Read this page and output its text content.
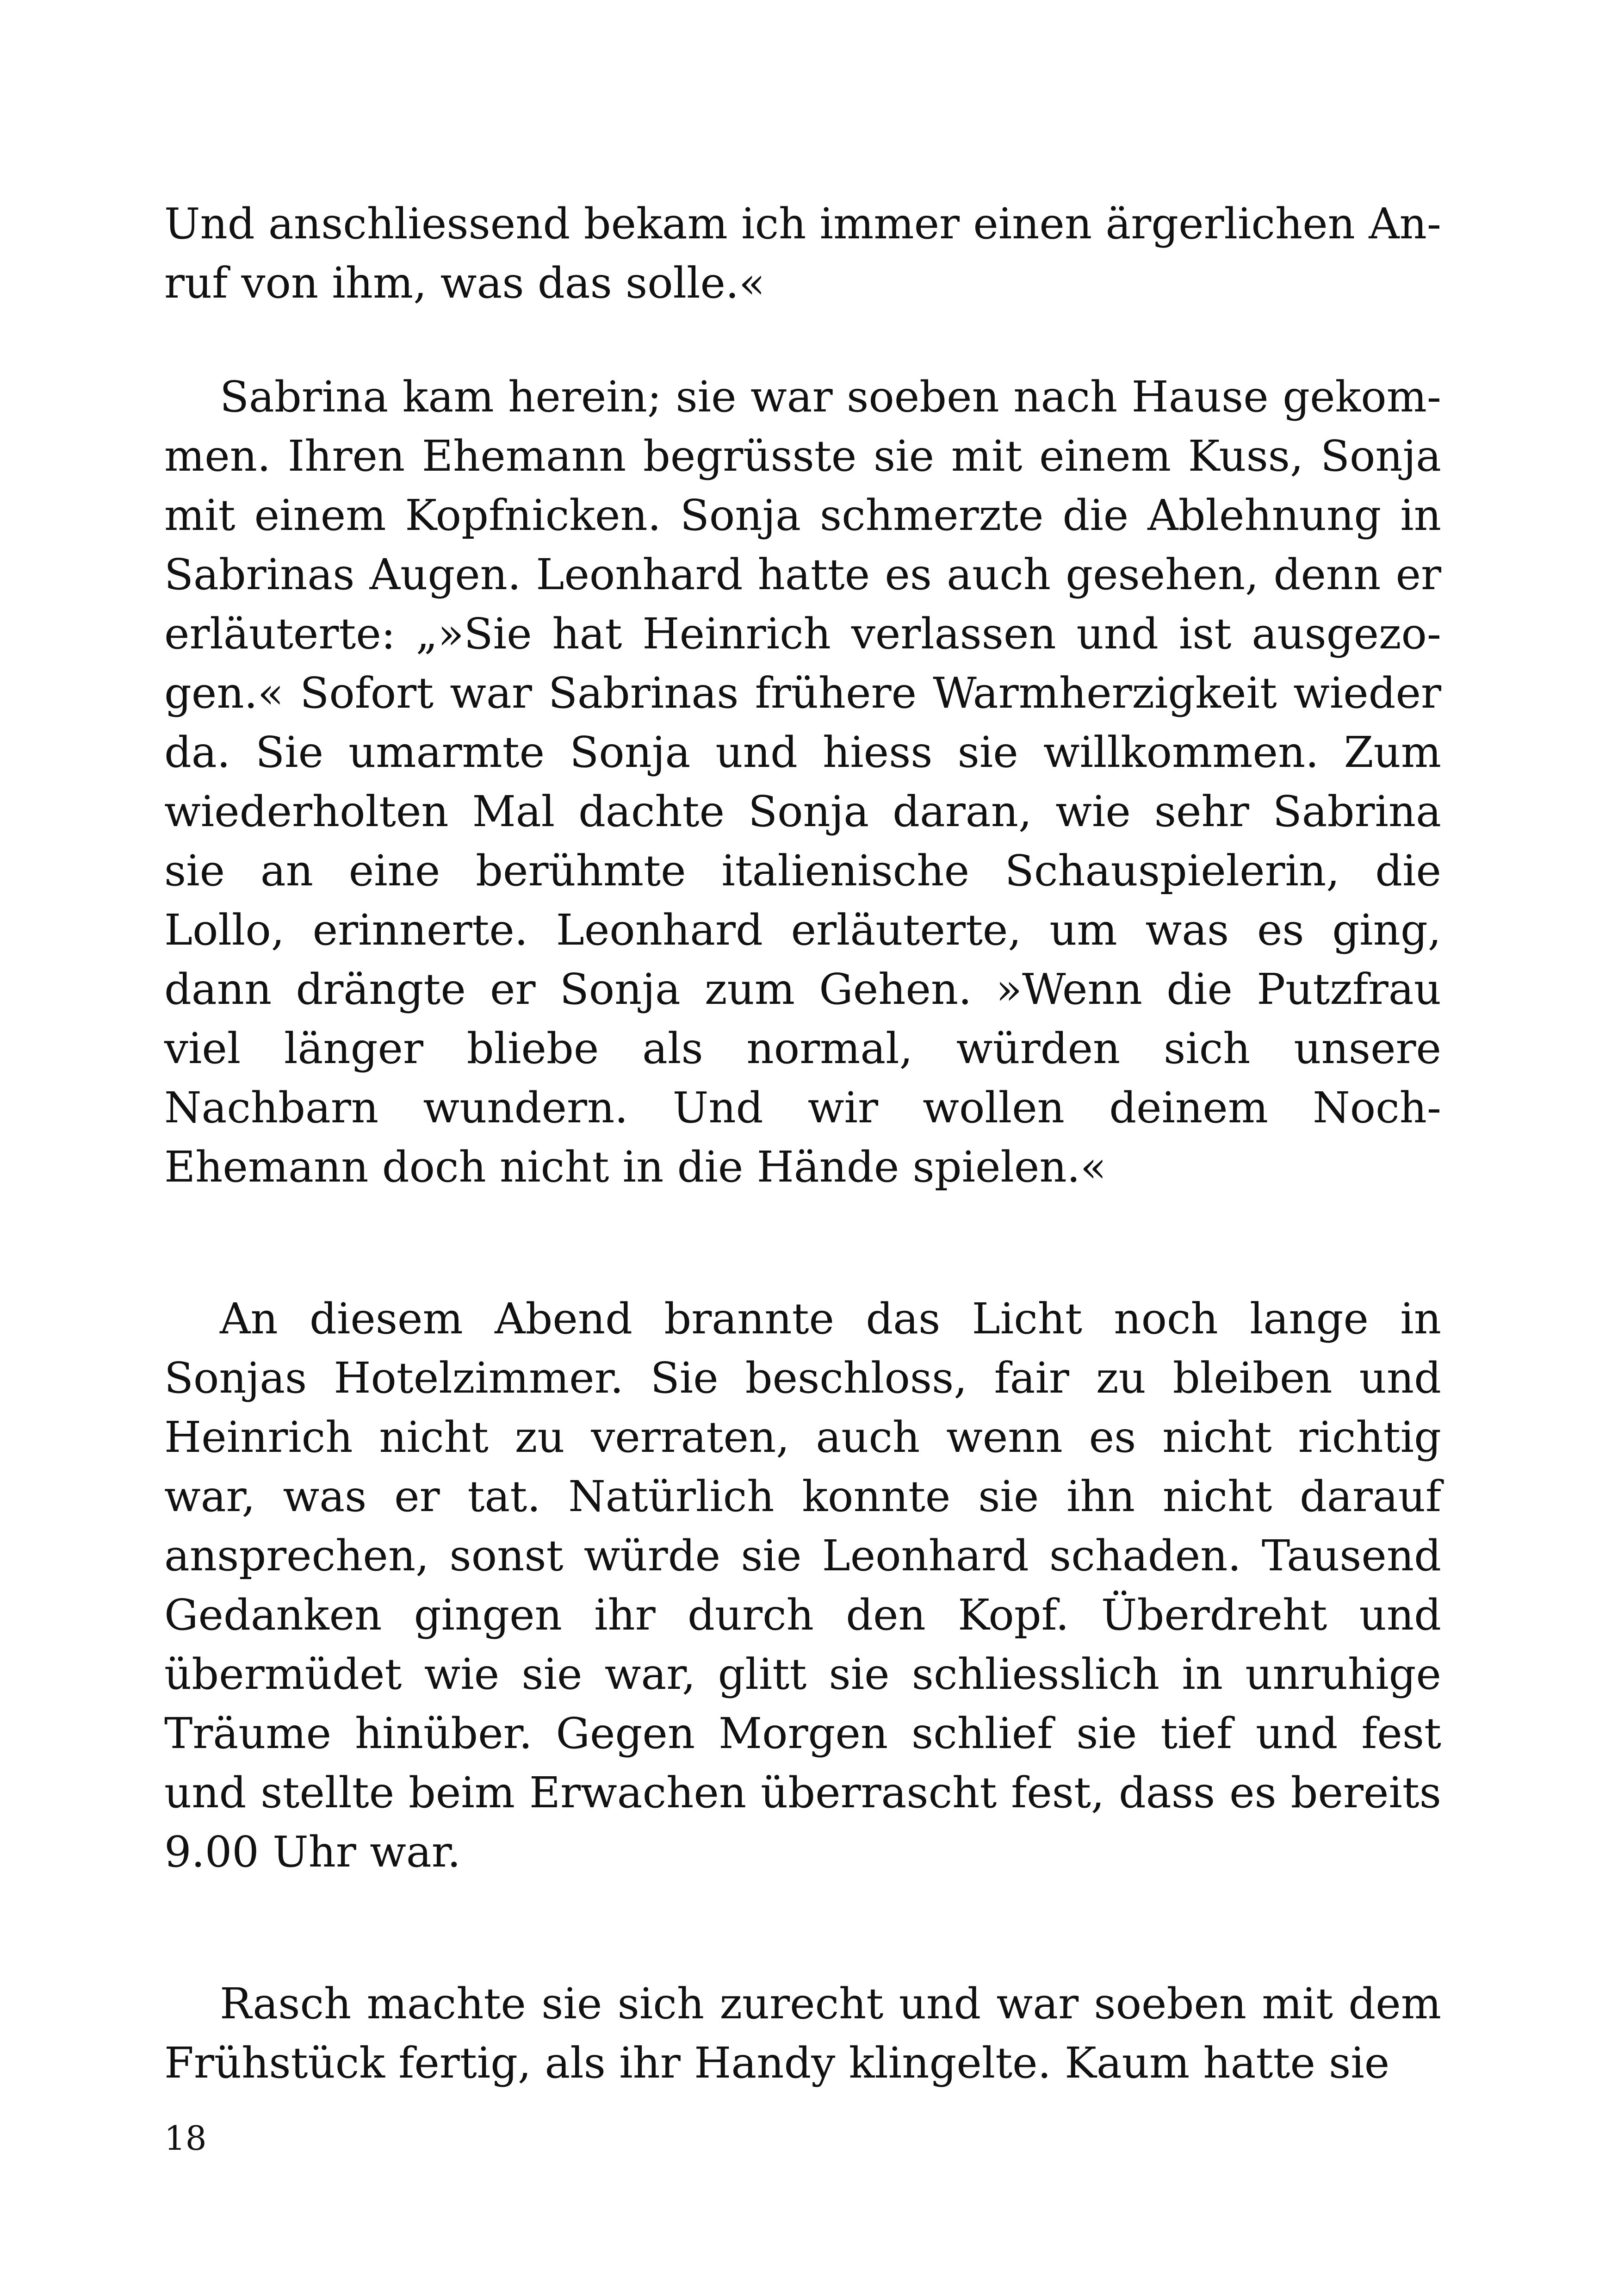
Und anschliessend bekam ich immer einen ärgerlichen Anruf von ihm, was das solle.«

Sabrina kam herein; sie war soeben nach Hause gekommen. Ihren Ehemann begrüsste sie mit einem Kuss, Sonja mit einem Kopfnicken. Sonja schmerzte die Ablehnung in Sabrinas Augen. Leonhard hatte es auch gesehen, denn er erläuterte: „»Sie hat Heinrich verlassen und ist ausgezogen.« Sofort war Sabrinas frühere Warmherzigkeit wieder da. Sie umarmte Sonja und hiess sie willkommen. Zum wiederholten Mal dachte Sonja daran, wie sehr Sabrina sie an eine berühmte italienische Schauspielerin, die Lollo, erinnerte. Leonhard erläuterte, um was es ging, dann drängte er Sonja zum Gehen. »Wenn die Putzfrau viel länger bliebe als normal, würden sich unsere Nachbarn wundern. Und wir wollen deinem Noch-Ehemann doch nicht in die Hände spielen.«

An diesem Abend brannte das Licht noch lange in Sonjas Hotelzimmer. Sie beschloss, fair zu bleiben und Heinrich nicht zu verraten, auch wenn es nicht richtig war, was er tat. Natürlich konnte sie ihn nicht darauf ansprechen, sonst würde sie Leonhard schaden. Tausend Gedanken gingen ihr durch den Kopf. Überdreht und übermüdet wie sie war, glitt sie schliesslich in unruhige Träume hinüber. Gegen Morgen schlief sie tief und fest und stellte beim Erwachen überrascht fest, dass es bereits 9.00 Uhr war.

Rasch machte sie sich zurecht und war soeben mit dem Frühstück fertig, als ihr Handy klingelte. Kaum hatte sie

18
